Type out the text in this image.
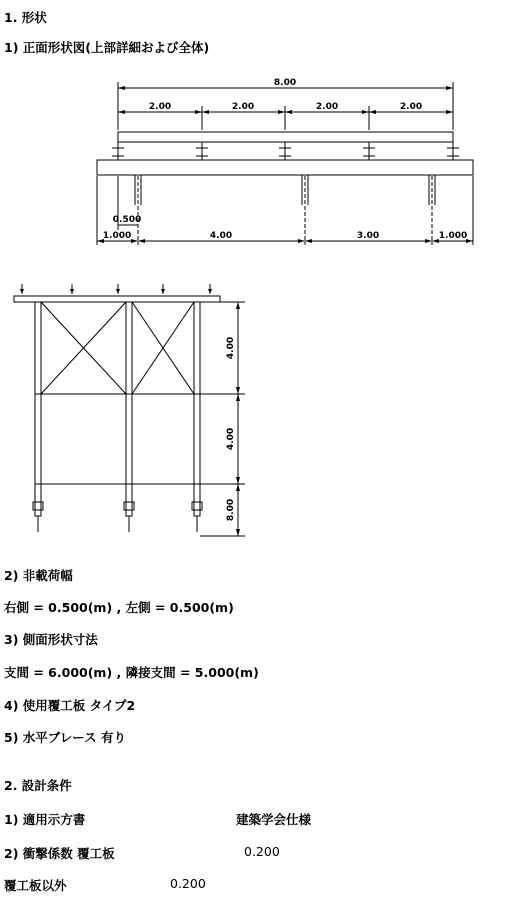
1. 形状
1) 正面形状図(上部詳細および全体)
8.00
2.00	2.00	2.00	2.00
0.500
1.000	4.00	3.00	1.000
4.00
4.00
8.00
2) 非載荷幅
右側 = 0.500(m) , 左側 = 0.500(m)
3) 側面形状寸法
支間 = 6.000(m) , 隣接支間 = 5.000(m)
4) 使用覆工板 タイプ2
5) 水平ブレース 有り
2. 設計条件
1) 適用示方書	建築学会仕様
2) 衝撃係数 覆工板	0.200
覆工板以外	0.200
